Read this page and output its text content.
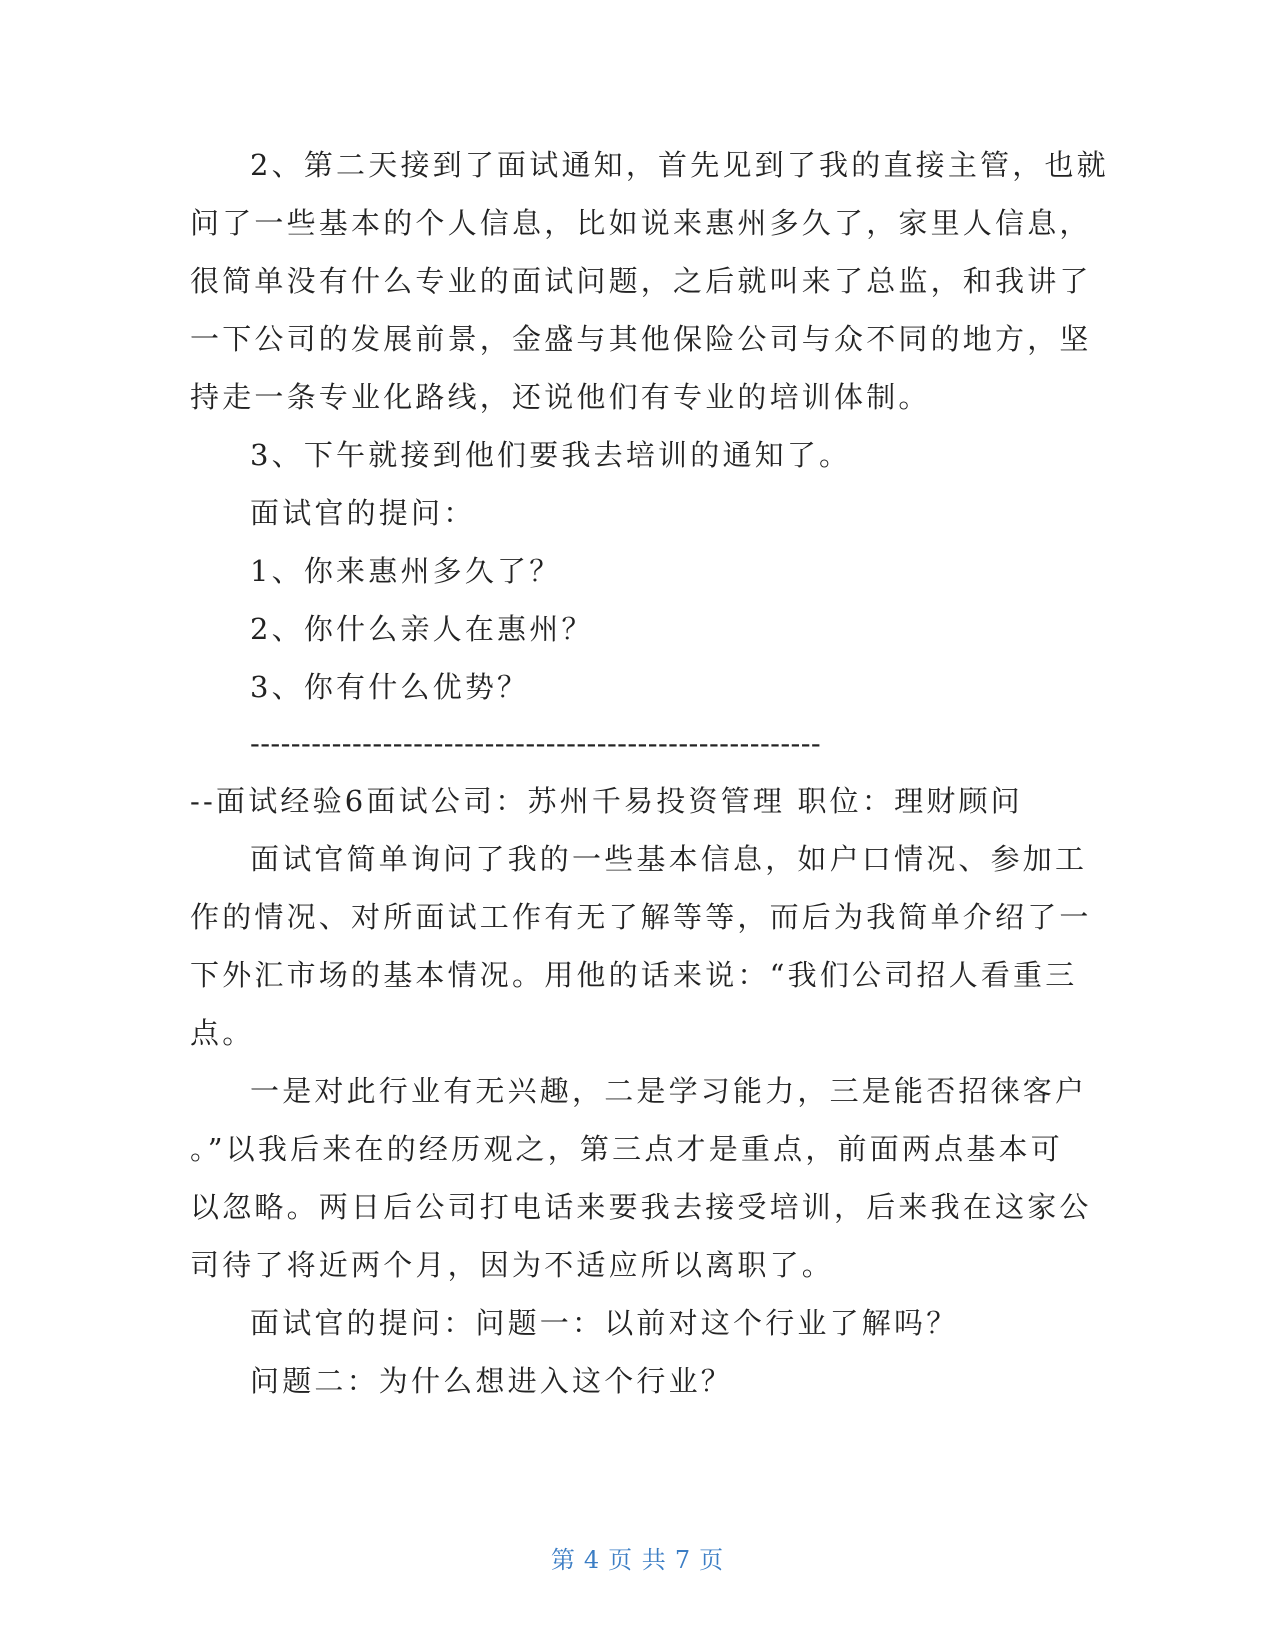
2、第二天接到了面试通知，首先见到了我的直接主管，也就
问了一些基本的个人信息，比如说来惠州多久了，家里人信息，
很简单没有什么专业的面试问题，之后就叫来了总监，和我讲了
一下公司的发展前景，金盛与其他保险公司与众不同的地方，坚
持走一条专业化路线，还说他们有专业的培训体制。
3、下午就接到他们要我去培训的通知了。
面试官的提问：
1、你来惠州多久了？
2、你什么亲人在惠州？
3、你有什么优势？
--------------------------------------------------------
--面试经验6面试公司：苏州千易投资管理 职位：理财顾问
面试官简单询问了我的一些基本信息，如户口情况、参加工
作的情况、对所面试工作有无了解等等，而后为我简单介绍了一
下外汇市场的基本情况。用他的话来说：“我们公司招人看重三
点。
一是对此行业有无兴趣，二是学习能力，三是能否招徕客户
。”以我后来在的经历观之，第三点才是重点，前面两点基本可
以忽略。两日后公司打电话来要我去接受培训，后来我在这家公
司待了将近两个月，因为不适应所以离职了。
面试官的提问：问题一：以前对这个行业了解吗？
问题二：为什么想进入这个行业？
第 4 页 共 7 页
